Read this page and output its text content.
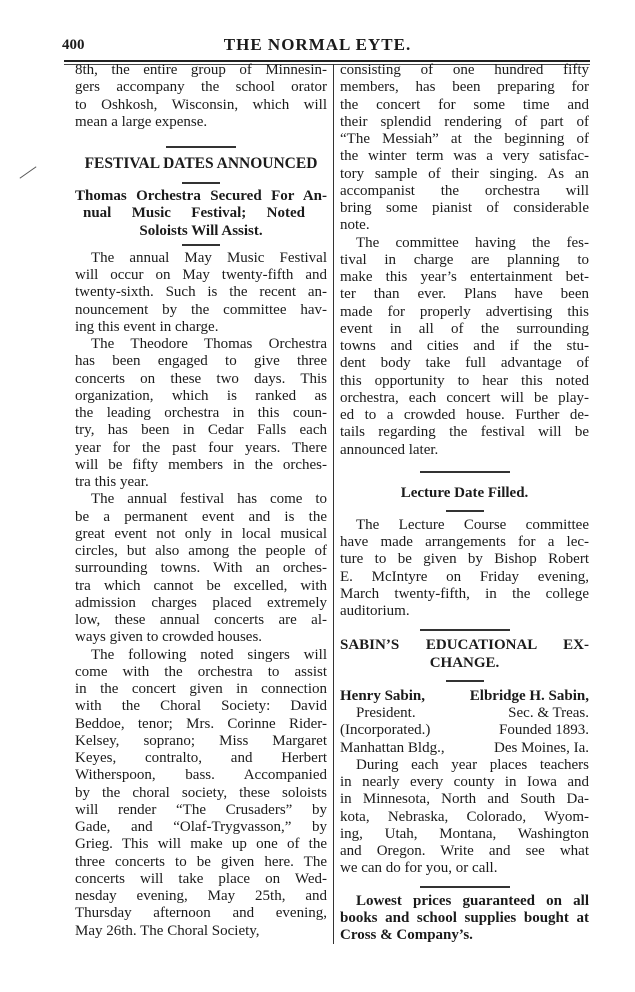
400	THE NORMAL EYTE.
8th, the entire group of Minnesin-
gers accompany the school orator
to Oshkosh, Wisconsin, which will
mean a large expense.
FESTIVAL DATES ANNOUNCED
Thomas Orchestra Secured For An-
nual Music Festival; Noted
Soloists Will Assist.
The annual May Music Festival
will occur on May twenty-fifth and
twenty-sixth. Such is the recent an-
nouncement by the committee hav-
ing this event in charge.
The Theodore Thomas Orchestra
has been engaged to give three
concerts on these two days. This
organization, which is ranked as
the leading orchestra in this coun-
try, has been in Cedar Falls each
year for the past four years. There
will be fifty members in the orches-
tra this year.
The annual festival has come to
be a permanent event and is the
great event not only in local musical
circles, but also among the people of
surrounding towns. With an orches-
tra which cannot be excelled, with
admission charges placed extremely
low, these annual concerts are al-
ways given to crowded houses.
The following noted singers will
come with the orchestra to assist
in the concert given in connection
with the Choral Society: David
Beddoe, tenor; Mrs. Corinne Rider-
Kelsey, soprano; Miss Margaret
Keyes, contralto, and Herbert
Witherspoon, bass. Accompanied
by the choral society, these soloists
will render “The Crusaders” by
Gade, and “Olaf-Trygvasson,” by
Grieg. This will make up one of the
three concerts to be given here. The
concerts will take place on Wed-
nesday evening, May 25th, and
Thursday afternoon and evening,
May 26th. The Choral Society,
consisting of one hundred fifty
members, has been preparing for
the concert for some time and
their splendid rendering of part of
“The Messiah” at the beginning of
the winter term was a very satisfac-
tory sample of their singing. As an
accompanist the orchestra will
bring some pianist of considerable
note.
The committee having the fes-
tival in charge are planning to
make this year’s entertainment bet-
ter than ever. Plans have been
made for properly advertising this
event in all of the surrounding
towns and cities and if the stu-
dent body take full advantage of
this opportunity to hear this noted
orchestra, each concert will be play-
ed to a crowded house. Further de-
tails regarding the festival will be
announced later.
Lecture Date Filled.
The Lecture Course committee
have made arrangements for a lec-
ture to be given by Bishop Robert
E. McIntyre on Friday evening,
March twenty-fifth, in the college
auditorium.
SABIN’S EDUCATIONAL EX-
CHANGE.
Henry Sabin,	Elbridge H. Sabin,
President.	Sec. & Treas.
(Incorporated.)	Founded 1893.
Manhattan Bldg.,	Des Moines, Ia.
During each year places teachers
in nearly every county in Iowa and
in Minnesota, North and South Da-
kota, Nebraska, Colorado, Wyom-
ing, Utah, Montana, Washington
and Oregon. Write and see what
we can do for you, or call.
Lowest prices guaranteed on all
books and school supplies bought at
Cross & Company’s.
